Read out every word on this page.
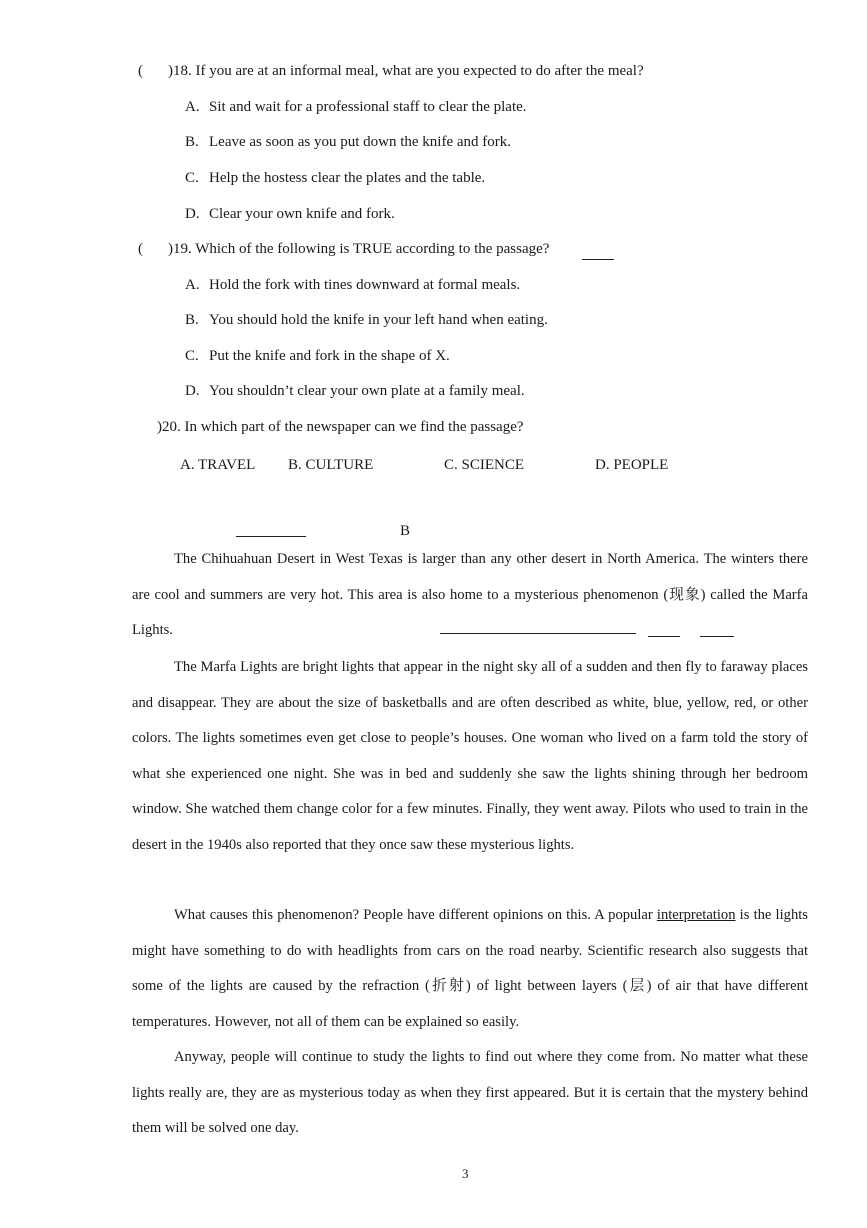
( )18. If you are at an informal meal, what are you expected to do after the meal?
A. Sit and wait for a professional staff to clear the plate.
B. Leave as soon as you put down the knife and fork.
C. Help the hostess clear the plates and the table.
D. Clear your own knife and fork.
( )19. Which of the following is TRUE according to the passage?
A. Hold the fork with tines downward at formal meals.
B. You should hold the knife in your left hand when eating.
C. Put the knife and fork in the shape of X.
D. You shouldn’t clear your own plate at a family meal.
)20. In which part of the newspaper can we find the passage?
A. TRAVEL B. CULTURE	C. SCIENCE	D. PEOPLE
B
The Chihuahuan Desert in West Texas is larger than any other desert in North America. The winters there are cool and summers are very hot. This area is also home to a mysterious phenomenon (现象) called the Marfa Lights.
The Marfa Lights are bright lights that appear in the night sky all of a sudden and then fly to faraway places and disappear. They are about the size of basketballs and are often described as white, blue, yellow, red, or other colors. The lights sometimes even get close to people’s houses. One woman who lived on a farm told the story of what she experienced one night. She was in bed and suddenly she saw the lights shining through her bedroom window. She watched them change color for a few minutes. Finally, they went away. Pilots who used to train in the desert in the 1940s also reported that they once saw these mysterious lights.
What causes this phenomenon? People have different opinions on this. A popular interpretation is the lights might have something to do with headlights from cars on the road nearby. Scientific research also suggests that some of the lights are caused by the refraction (折射) of light between layers (层) of air that have different temperatures. However, not all of them can be explained so easily.
Anyway, people will continue to study the lights to find out where they come from. No matter what these lights really are, they are as mysterious today as when they first appeared. But it is certain that the mystery behind them will be solved one day.
3
